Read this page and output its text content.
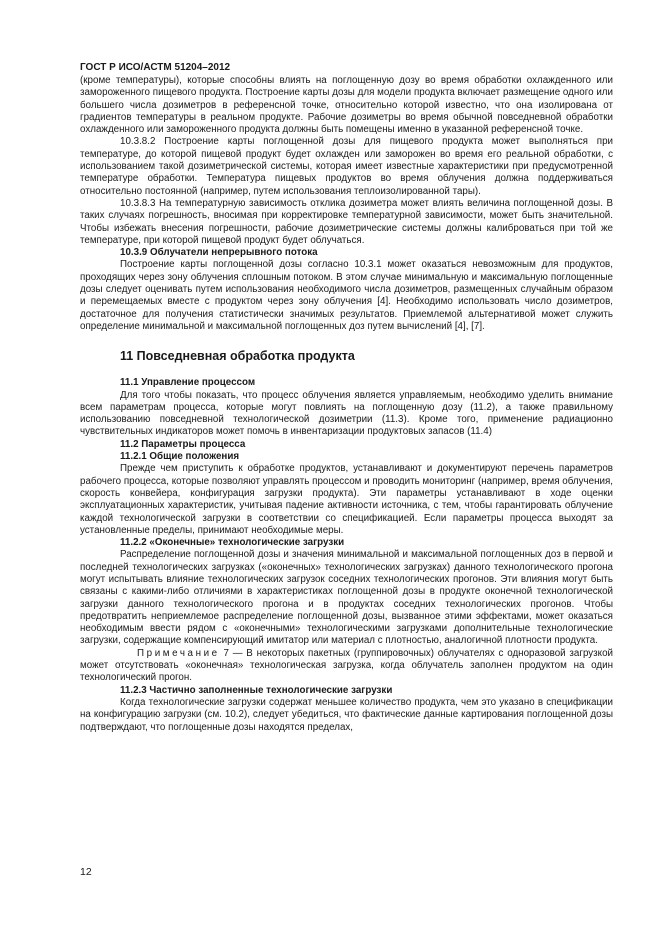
ГОСТ Р ИСО/АСТМ 51204–2012

(кроме температуры), которые способны влиять на поглощенную дозу во время обработки охлажденного или замороженного пищевого продукта. Построение карты дозы для модели продукта включает размещение одного или большего числа дозиметров в референсной точке, относительно которой известно, что она изолирована от градиентов температуры в реальном продукте. Рабочие дозиметры во время обычной повседневной обработки охлажденного или замороженного продукта должны быть помещены именно в указанной референсной точке.

10.3.8.2 Построение карты поглощенной дозы для пищевого продукта может выполняться при температуре, до которой пищевой продукт будет охлажден или заморожен во время его реальной обработки, с использованием такой дозиметрической системы, которая имеет известные характеристики при предусмотренной температуре обработки. Температура пищевых продуктов во время облучения должна поддерживаться относительно постоянной (например, путем использования теплоизолированной тары).

10.3.8.3 На температурную зависимость отклика дозиметра может влиять величина поглощенной дозы. В таких случаях погрешность, вносимая при корректировке температурной зависимости, может быть значительной. Чтобы избежать внесения погрешности, рабочие дозиметрические системы должны калиброваться при той же температуре, при которой пищевой продукт будет облучаться.

10.3.9 Облучатели непрерывного потока

Построение карты поглощенной дозы согласно 10.3.1 может оказаться невозможным для продуктов, проходящих через зону облучения сплошным потоком. В этом случае минимальную и максимальную поглощенные дозы следует оценивать путем использования необходимого числа дозиметров, размещенных случайным образом и перемещаемых вместе с продуктом через зону облучения [4]. Необходимо использовать число дозиметров, достаточное для получения статистически значимых результатов. Приемлемой альтернативой может служить определение минимальной и максимальной поглощенных доз путем вычислений [4], [7].

11 Повседневная обработка продукта
11.1 Управление процессом

Для того чтобы показать, что процесс облучения является управляемым, необходимо уделить внимание всем параметрам процесса, которые могут повлиять на поглощенную дозу (11.2), а также правильному использованию повседневной технологической дозиметрии (11.3). Кроме того, применение радиационно чувствительных индикаторов может помочь в инвентаризации продуктовых запасов (11.4)

11.2 Параметры процесса
11.2.1 Общие положения

Прежде чем приступить к обработке продуктов, устанавливают и документируют перечень параметров рабочего процесса, которые позволяют управлять процессом и проводить мониторинг (например, время облучения, скорость конвейера, конфигурация загрузки продукта). Эти параметры устанавливают в ходе оценки эксплуатационных характеристик, учитывая падение активности источника, с тем, чтобы гарантировать облучение каждой технологической загрузки в соответствии со спецификацией. Если параметры процесса выходят за установленные пределы, принимают необходимые меры.

11.2.2 «Оконечные» технологические загрузки

Распределение поглощенной дозы и значения минимальной и максимальной поглощенных доз в первой и последней технологических загрузках («оконечных» технологических загрузках) данного технологического прогона могут испытывать влияние технологических загрузок соседних технологических прогонов. Эти влияния могут быть связаны с какими-либо отличиями в характеристиках поглощенной дозы в продукте оконечной технологической загрузки данного технологического прогона и в продуктах соседних технологических прогонов. Чтобы предотвратить неприемлемое распределение поглощенной дозы, вызванное этими эффектами, может оказаться необходимым ввести рядом с «оконечными» технологическими загрузками дополнительные технологические загрузки, содержащие компенсирующий имитатор или материал с плотностью, аналогичной плотности продукта.

Примечание 7 — В некоторых пакетных (группировочных) облучателях с одноразовой загрузкой может отсутствовать «оконечная» технологическая загрузка, когда облучатель заполнен продуктом на один технологический прогон.

11.2.3 Частично заполненные технологические загрузки

Когда технологические загрузки содержат меньшее количество продукта, чем это указано в спецификации на конфигурацию загрузки (см. 10.2), следует убедиться, что фактические данные картирования поглощенной дозы подтверждают, что поглощенные дозы находятся пределах,

12
